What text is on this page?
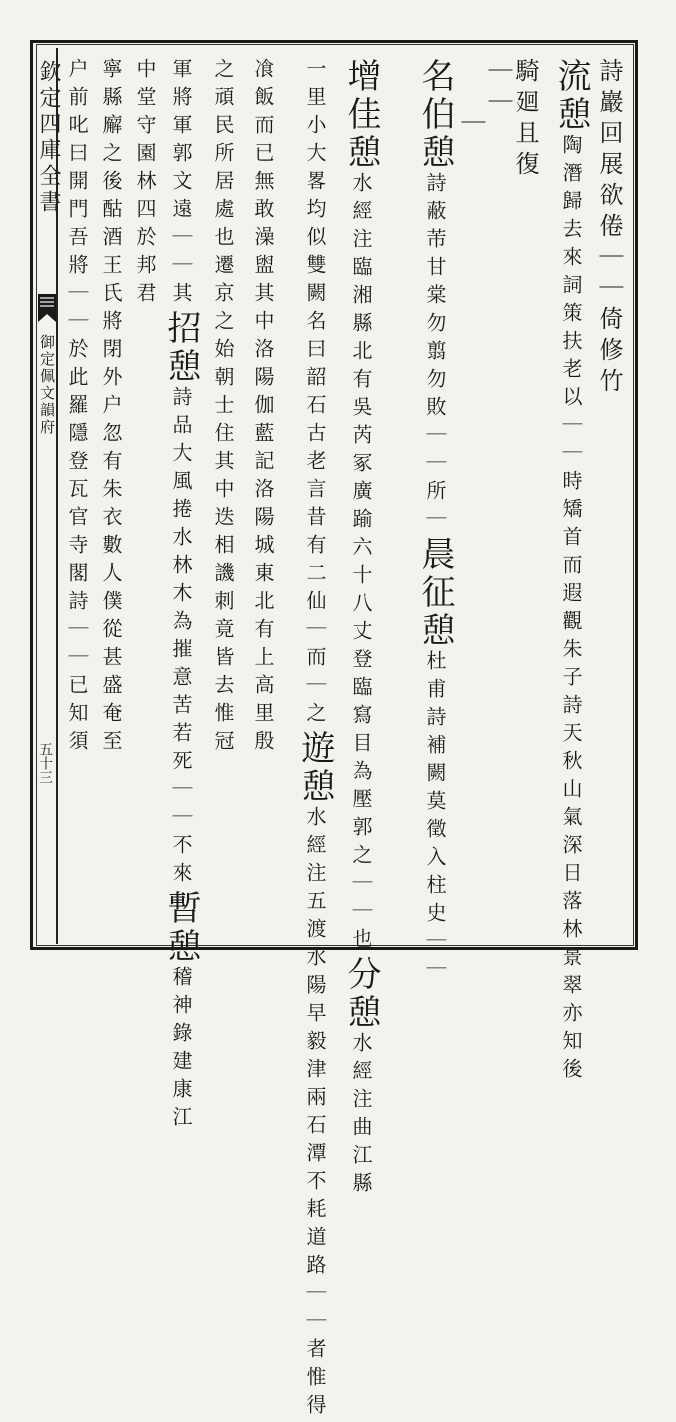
欽定四庫全書
御定佩文韻府
五十三
詩巖回展欲倦｜｜倚修竹
流憩陶潛歸去來詞策扶老以｜｜時矯首而遐觀朱子詩天秋山氣深日落林景翠亦知後
騎廻且復
｜｜
｜
名伯憩詩蔽芾甘棠勿翦勿敗｜｜所｜晨征憩杜甫詩補闕莫徵入柱史｜｜
增佳憩水經注臨湘縣北有吳芮冢廣踰六十八丈登臨寫目為壓郭之｜｜也分憩水經注曲江縣
一里小大畧均似雙闕名曰韶石古老言昔有二仙｜而｜之遊憩水經注五渡水陽早毅津兩石潭不耗道路｜｜者惟得
飡飯而已無敢澡盥其中洛陽伽藍記洛陽城東北有上高里殷
之頑民所居處也遷京之始朝士住其中迭相譏刺竟皆去惟冠
軍將軍郭文遠｜｜其招憩詩品大風捲水林木為摧意苦若死｜｜不來暫憩稽神錄建康江
中堂守園林四於邦君
寧縣廨之後酤酒王氏將閉外户忽有朱衣數人僕從甚盛奄至
户前叱曰開門吾將｜｜於此羅隱登瓦官寺閣詩｜｜已知須
